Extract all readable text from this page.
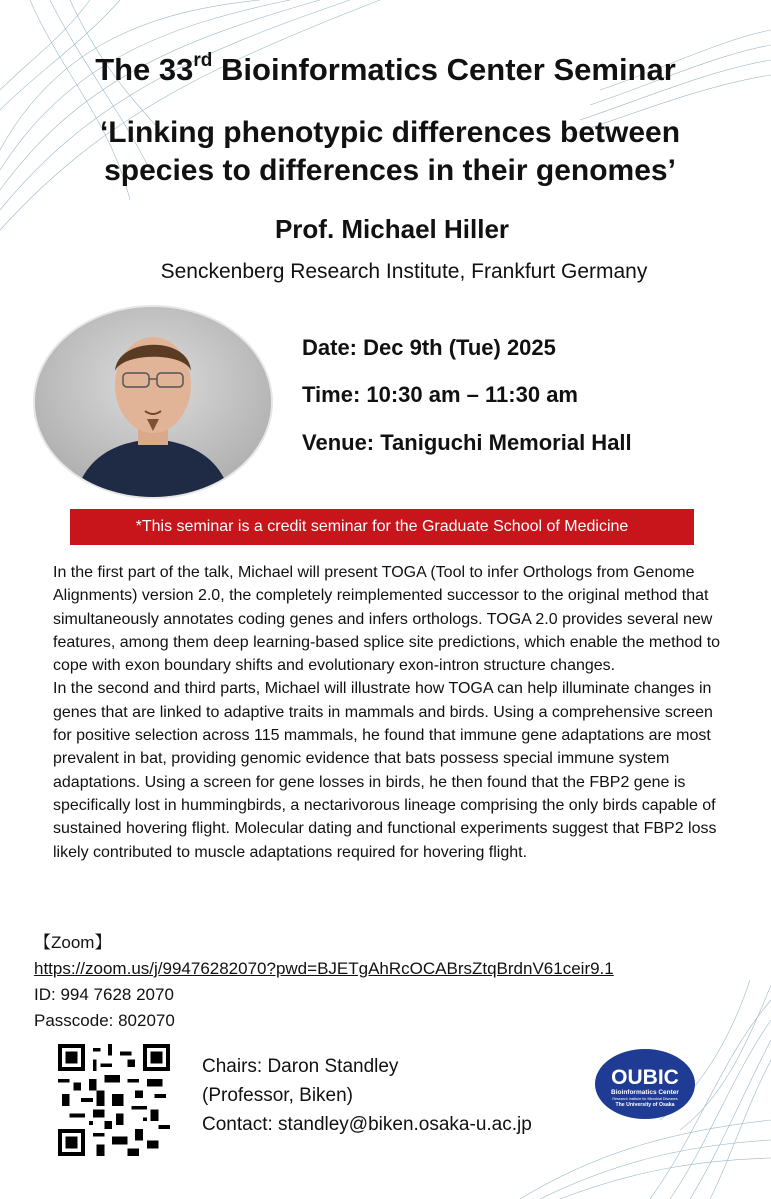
The 33rd Bioinformatics Center Seminar
‘Linking phenotypic differences between
species to differences in their genomes’
Prof. Michael Hiller
Senckenberg Research Institute, Frankfurt Germany
Date: Dec 9th (Tue) 2025
Time: 10:30 am – 11:30 am
Venue: Taniguchi Memorial Hall
*This seminar is a credit seminar for the Graduate School of Medicine

In the first part of the talk, Michael will present TOGA (Tool to infer Orthologs from Genome Alignments) version 2.0, the completely reimplemented successor to the original method that simultaneously annotates coding genes and infers orthologs. TOGA 2.0 provides several new features, among them deep learning-based splice site predictions, which enable the method to cope with exon boundary shifts and evolutionary exon-intron structure changes.

In the second and third parts, Michael will illustrate how TOGA can help illuminate changes in genes that are linked to adaptive traits in mammals and birds. Using a comprehensive screen for positive selection across 115 mammals, he found that immune gene adaptations are most prevalent in bat, providing genomic evidence that bats possess special immune system adaptations. Using a screen for gene losses in birds, he then found that the FBP2 gene is specifically lost in hummingbirds, a nectarivorous lineage comprising the only birds capable of sustained hovering flight. Molecular dating and functional experiments suggest that FBP2 loss likely contributed to muscle adaptations required for hovering flight.

【Zoom】
https://zoom.us/j/99476282070?pwd=BJETgAhRcOCABrsZtqBrdnV61ceir9.1
ID: 994 7628 2070
Passcode: 802070
Chairs: Daron Standley
(Professor, Biken)
Contact: standley@biken.osaka-u.ac.jp
OUBIC
Bioinformatics Center
Research Institute for Microbial Diseases
The University of Osaka
